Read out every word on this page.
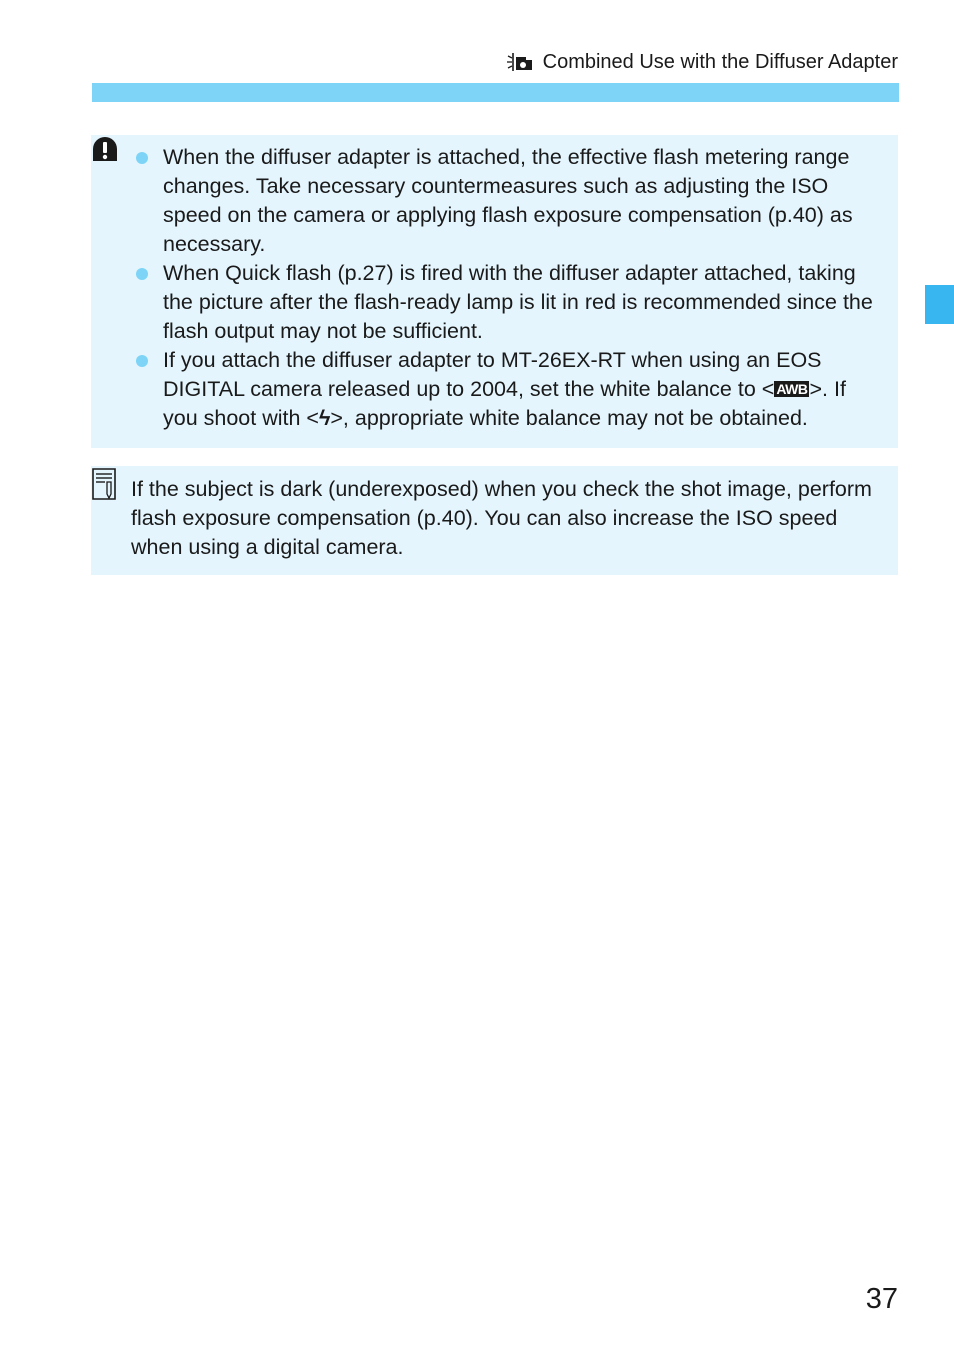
Combined Use with the Diffuser Adapter
When the diffuser adapter is attached, the effective flash metering range changes. Take necessary countermeasures such as adjusting the ISO speed on the camera or applying flash exposure compensation (p.40) as necessary.
When Quick flash (p.27) is fired with the diffuser adapter attached, taking the picture after the flash-ready lamp is lit in red is recommended since the flash output may not be sufficient.
If you attach the diffuser adapter to MT-26EX-RT when using an EOS DIGITAL camera released up to 2004, set the white balance to < AWB>. If you shoot with <ϟ>, appropriate white balance may not be obtained.

If the subject is dark (underexposed) when you check the shot image, perform flash exposure compensation (p.40). You can also increase the ISO speed when using a digital camera.

37
